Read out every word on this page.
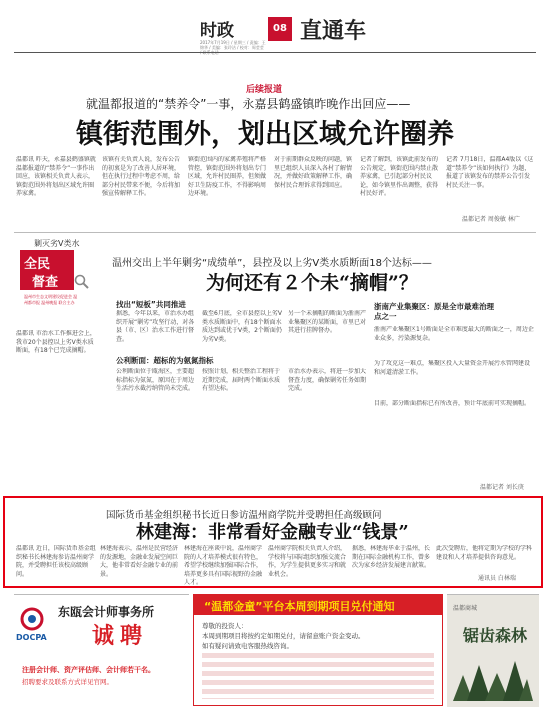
时政	08 直通车
2017年7月19日 / 星期三 / 责编：王锦华 / 美编：张玲洁 / 校对：周莹莹
后续报道
就温都报道的“禁养令”一事，永嘉县鹤盛镇昨晚作出回应——
镇街范围外，划出区域允许圈养
温都讯 昨天，永嘉县鹤盛镇就温都报道的“禁养令”一事作出回应，该镇相关负责人表示，镇街范围外将划出区域允许圈养家禽。
该镇有关负责人说，发布公告的初衷是为了改善人居环境，但在执行过程中考虑不周，给部分村民带来不便，今后将加强宣传解释工作。
镇街范围内的家禽养殖将严格管控，镇街范围外将划出专门区域，允许村民圈养，但须做好卫生防疫工作，不得影响周边环境。
对于前期群众反映的问题，镇里已组织人员深入各村了解情况，并做好政策解释工作，确保村民合理诉求得到回应。
记者了解到，该镇此前发布的公告规定，镇街范围内禁止散养家禽，已引起部分村民议论，如今镇里作出调整，获得村民好评。
记者 7月18日，温都A4版以《这道“禁养令”该如何执行》为题，报道了该镇发布的禁养公告引发村民关注一事。
温都记者 周俊敏 林广
剿灭劣Ⅴ类水
全民
督查
温州市生态文明建设促进会 温州都市报 温州晚报 联合主办
温都讯 市治水工作推进会上，我市20个县控以上劣Ⅴ类水质断面，有18个已完成摘帽。
温州交出上半年剿劣“成绩单”，县控及以上劣Ⅴ类水质断面18个达标——
为何还有２个未“摘帽”？
找出“短板”共同推进
据悉，今年以来，市治水办组织开展“剿劣”攻坚行动，对各县（市、区）治水工作进行督查。
截至6月底，全市县控以上劣Ⅴ类水质断面中，有18个断面水质达到或优于Ⅴ类，2个断面仍为劣Ⅴ类。
另一个未摘帽的断面为浙南产业集聚区的某断面，市里已对其进行挂牌督办。
公利断面：超标的为氨氮指标
公利断面位于瓯海区，主要超标指标为氨氮，原因在于周边生活污水截污纳管尚未完成。
按照计划，相关整治工程将于近期完成，届时两个断面水质有望达标。
市治水办表示，将进一步加大督查力度，确保剿劣任务如期完成。
浙南产业集聚区：原是全市最难治理点之一
浙南产业集聚区1号断面是全市难度最大的断面之一，周边企业众多，污染源复杂。
为了攻克这一难点，集聚区投入大量资金开展污水管网建设和河道清淤工作。
目前，部分断面指标已有所改善，预计年底前可实现摘帽。
温都记者 刘长庚
国际货币基金组织秘书长近日参访温州商学院并受聘担任高级顾问
林建海：非常看好金融专业“钱景”
温都讯 近日，国际货币基金组织秘书长林建海参访温州商学院，并受聘担任该校高级顾问。
林建海表示，温州是民营经济的发源地，金融业发展空间巨大，他非常看好金融专业的前景。
林建海在座谈中说，温州商学院的人才培养模式很有特色，希望学校继续加强国际合作，培养更多具有国际视野的金融人才。
温州商学院相关负责人介绍，学校将与国际组织加强交流合作，为学生提供更多实习和就业机会。
据悉，林建海毕业于温州，长期在国际金融机构工作，曾多次为家乡经济发展建言献策。
此次受聘后，他将定期为学校的学科建设和人才培养提供咨询意见。
通讯员 白林瑞
DOCPA
东瓯会计师事务所
诚聘
注册会计师、资产评估师、会计师若干名。
招聘要求及联系方式详见官网。
“温都金童”平台本周到期项目兑付通知
尊敬的投资人：
本周到期项目将按约定如期兑付，请留意账户资金变动。
如有疑问请致电客服热线咨询。
温都商城
锯齿森林
